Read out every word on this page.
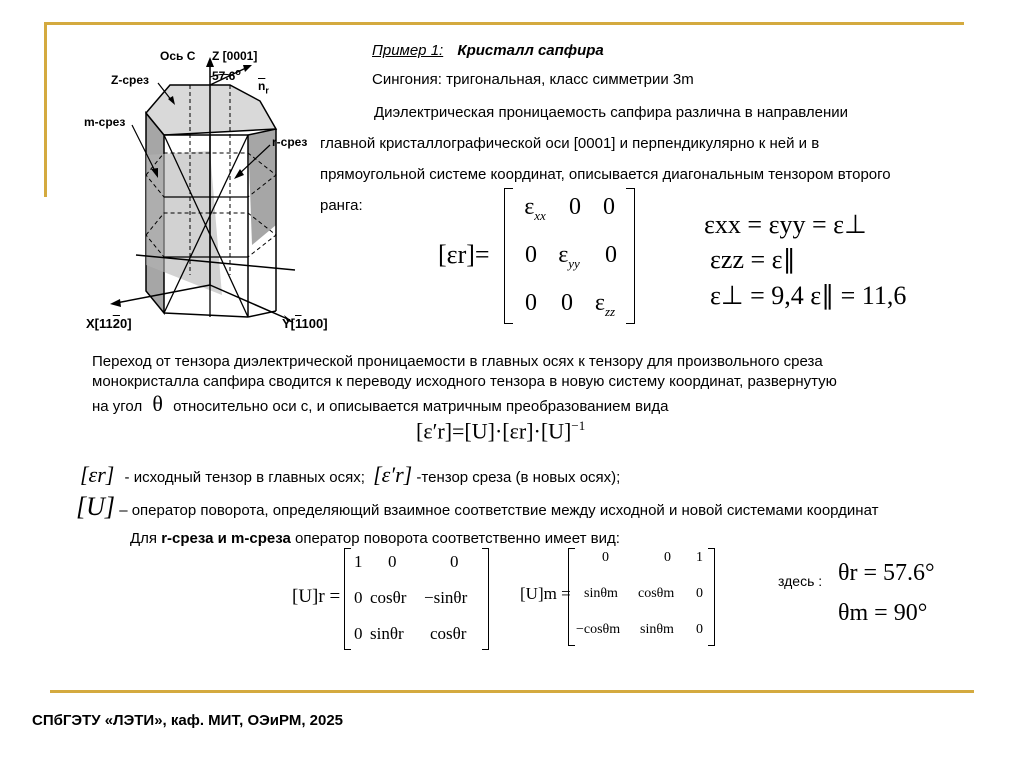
Ось С Z [0001]
57.6$^o$
$\overline{n}_r$
Z-срез
m-срез
r-срез
X[1120]	Y[1100]
Пример 1: Кристалл сапфира
Сингония: тригональная, класс симметрии 3m
Диэлектрическая проницаемость сапфира различна в направлении
главной кристаллографической оси [0001] и перпендикулярно к ней и в
прямоугольной системе координат, описывается диагональным тензором второго
ранга:
[εr]=
$\varepsilon_{xx}$ 0 0
0 $\varepsilon_{yy}$	0
0	0 $\varepsilon_{zz}$
εxx = εyy = ε⊥
εzz = ε∥
ε⊥ = 9,4 ε∥ = 11,6
Переход от тензора диэлектрической проницаемости в главных осях к тензору для произвольного среза
монокристалла сапфира сводится к переводу исходного тензора в новую систему координат, развернутую
на угол θ относительно оси с, и описывается матричным преобразованием вида
$[\varepsilon'r]=[U]\cdot[\varepsilon r]\cdot[U]^{-1}$
[εr] - исходный тензор в главных осях; [ε′r] -тензор среза (в новых осях);
[U] – оператор поворота, определяющий взаимное соответствие между исходной и новой системами координат
Для r-среза и m-среза оператор поворота соответственно имеет вид:
[U]r =
1 0	0
0 cosθr −sinθr
0 sinθr cosθr
[U]m =
0	0 1
sinθm cosθm 0
−cosθm sinθm 0
здесь : θr = 57.6°
θm = 90°
СПбГЭТУ «ЛЭТИ», каф. МИТ, ОЭиРМ, 2025
